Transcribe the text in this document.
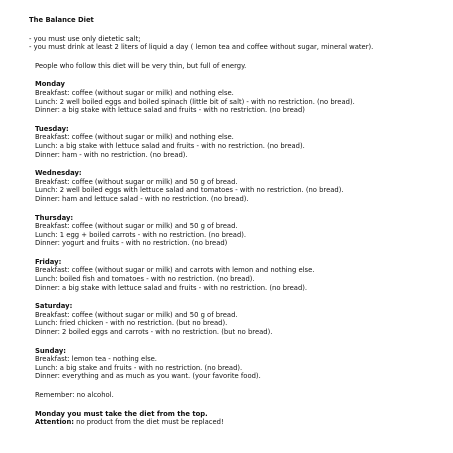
The Balance Diet
- you must use only dietetic salt;
- you must drink at least 2 liters of liquid a day ( lemon tea and coffee without sugar, mineral water).
People who follow this diet will be very thin, but full of energy.
Monday
Breakfast: coffee (without sugar or milk) and nothing else.
Lunch: 2 well boiled eggs and boiled spinach (little bit of salt) - with no restriction. (no bread).
Dinner: a big stake with lettuce salad and fruits - with no restriction. (no bread)
Tuesday:
Breakfast: coffee (without sugar or milk) and nothing else.
Lunch: a big stake with lettuce salad and fruits - with no restriction. (no bread).
Dinner: ham - with no restriction. (no bread).
Wednesday:
Breakfast: coffee (without sugar or milk) and 50 g of bread.
Lunch: 2 well boiled eggs with lettuce salad and tomatoes - with no restriction. (no bread).
Dinner: ham and lettuce salad - with no restriction. (no bread).
Thursday:
Breakfast: coffee (without sugar or milk) and 50 g of bread.
Lunch: 1 egg + boiled carrots - with no restriction. (no bread).
Dinner: yogurt and fruits - with no restriction. (no bread)
Friday:
Breakfast: coffee (without sugar or milk) and carrots with lemon and nothing else.
Lunch: boiled fish and tomatoes - with no restriction. (no bread).
Dinner: a big stake with lettuce salad and fruits - with no restriction. (no bread).
Saturday:
Breakfast: coffee (without sugar or milk) and 50 g of bread.
Lunch: fried chicken - with no restriction. (but no bread).
Dinner: 2 boiled eggs and carrots - with no restriction. (but no bread).
Sunday:
Breakfast: lemon tea - nothing else.
Lunch: a big stake and fruits - with no restriction. (no bread).
Dinner: everything and as much as you want. (your favorite food).
Remember: no alcohol.
Monday you must take the diet from the top.
Attention: no product from the diet must be replaced!
